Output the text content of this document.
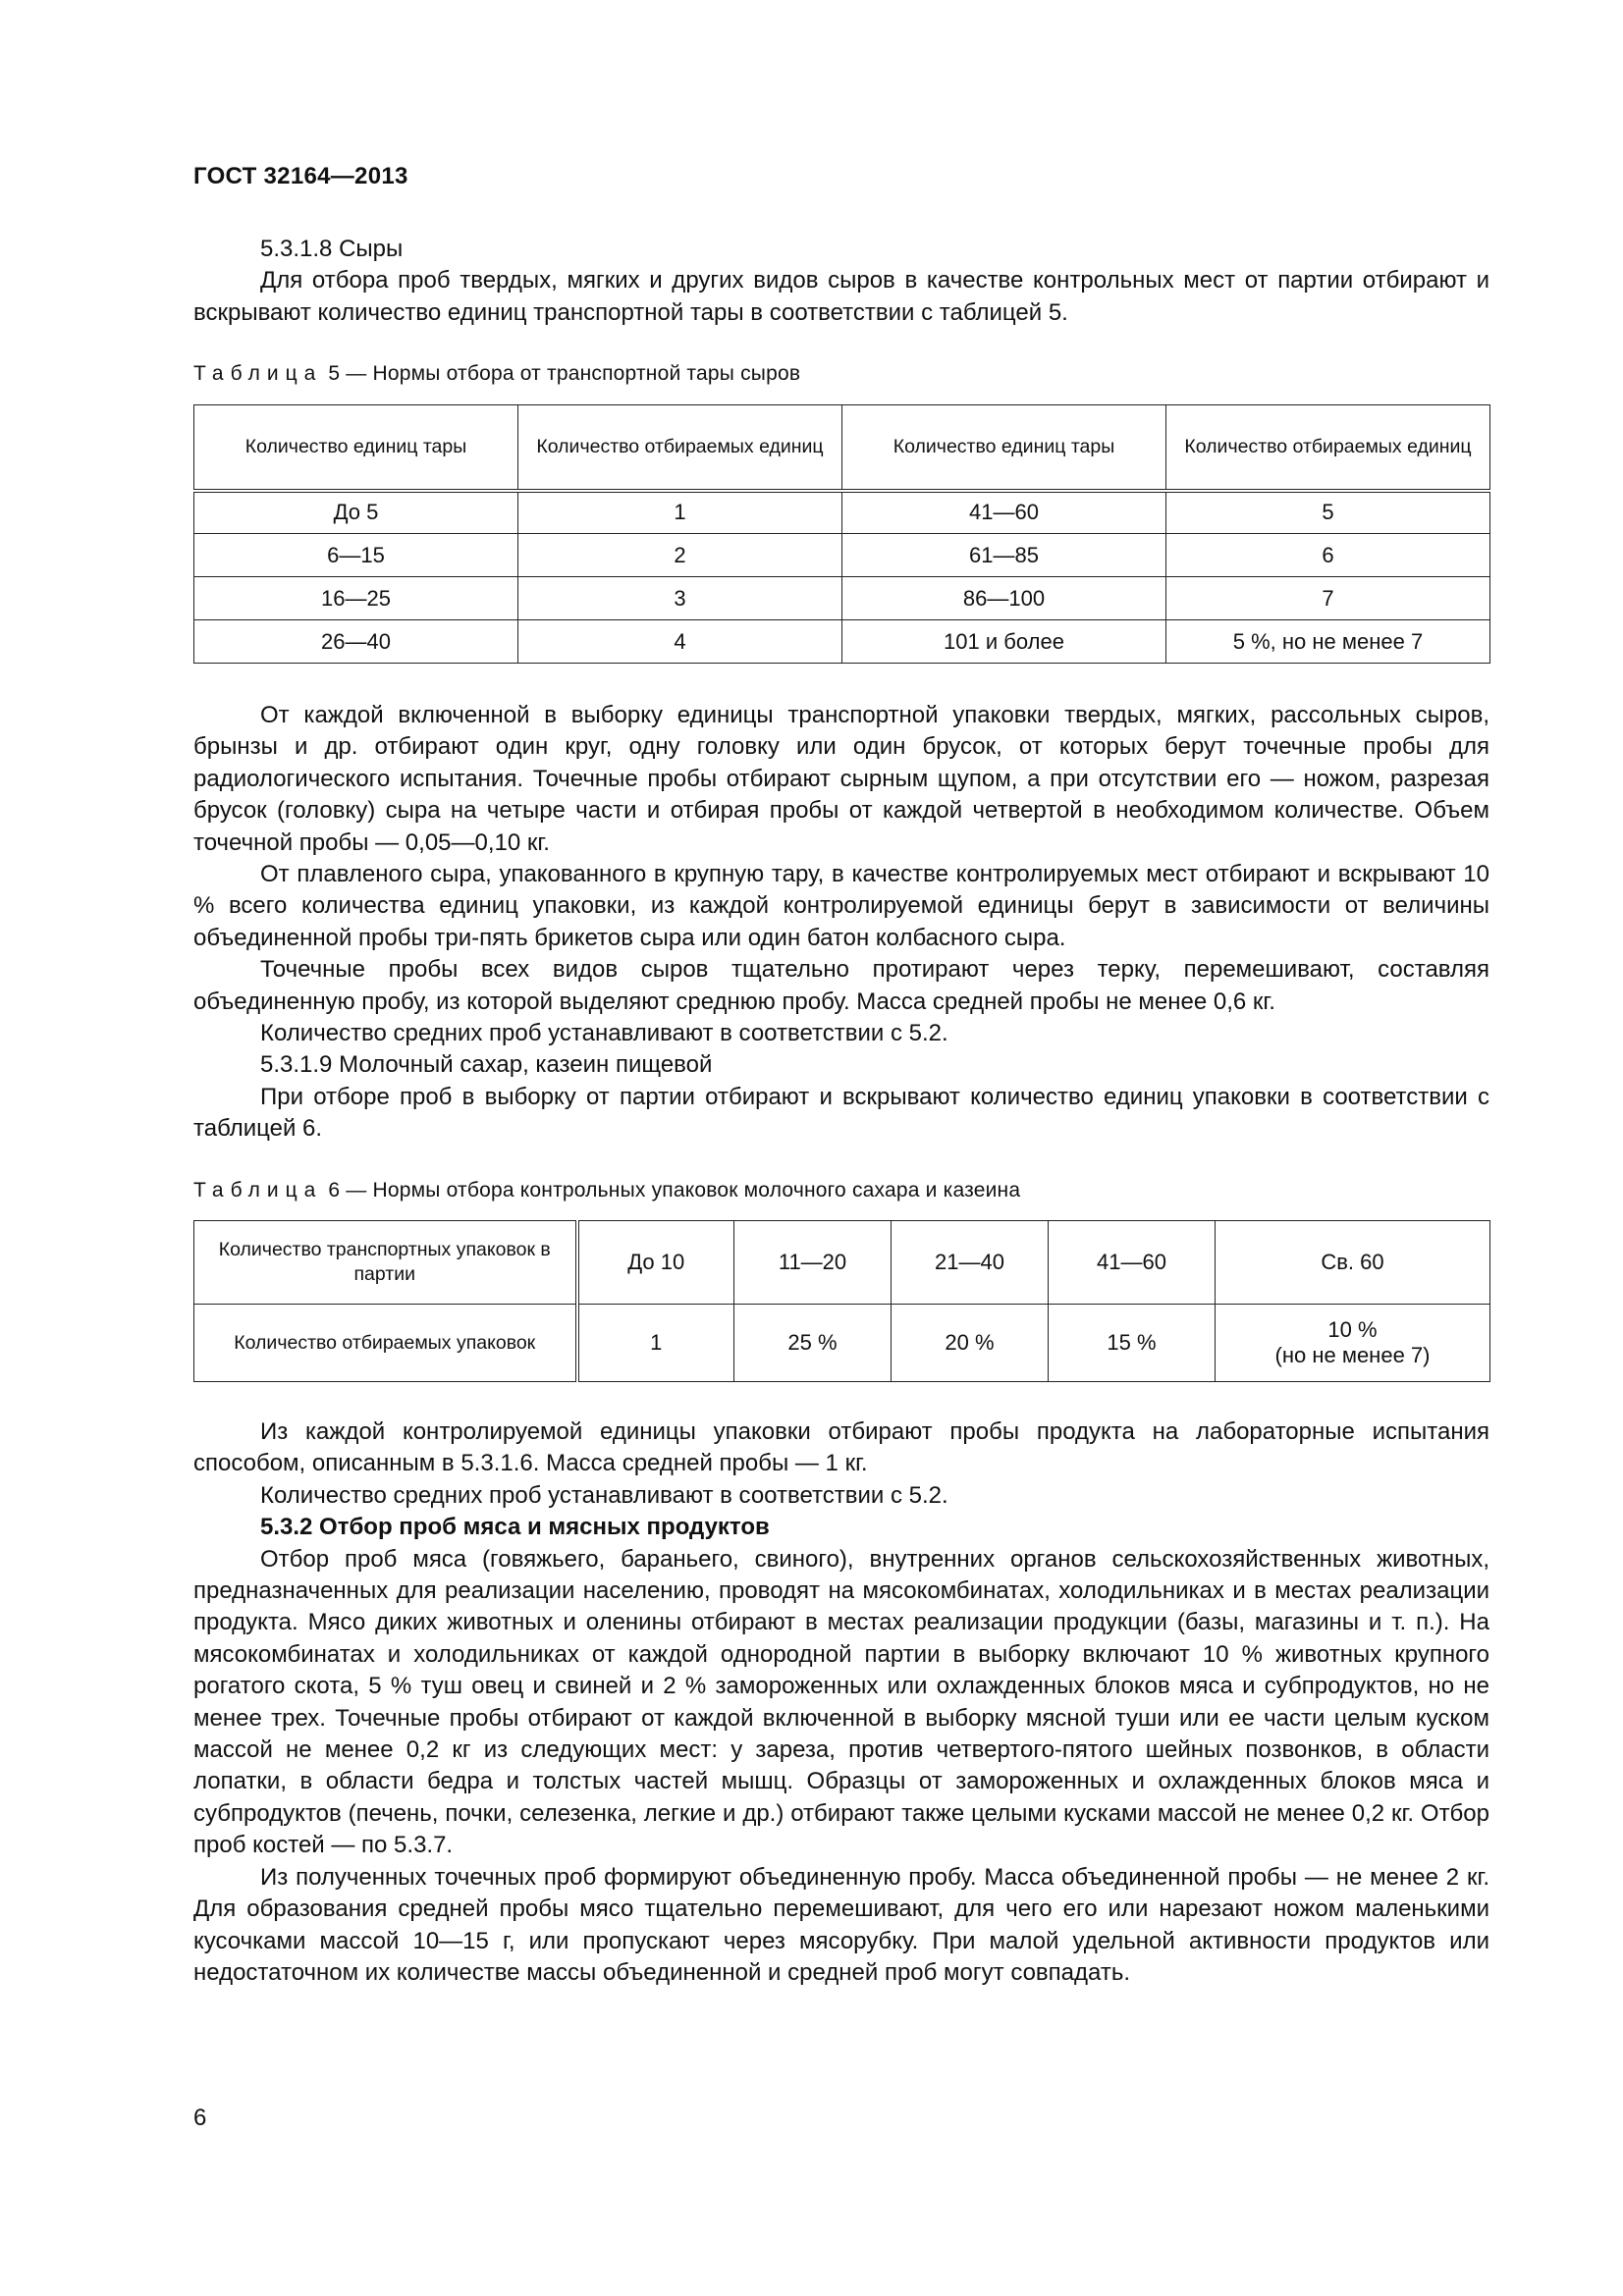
ГОСТ 32164—2013

5.3.1.8 Сыры

Для отбора проб твердых, мягких и других видов сыров в качестве контрольных мест от партии отбирают и вскрывают количество единиц транспортной тары в соответствии с таблицей 5.

Таблица 5 — Нормы отбора от транспортной тары сыров
Количество единиц тары	Количество отбираемых единиц	Количество единиц тары	Количество отбираемых единиц
До 5	1	41—60	5
6—15	2	61—85	6
16—25	3	86—100	7
26—40	4	101 и более	5 %, но не менее 7

От каждой включенной в выборку единицы транспортной упаковки твердых, мягких, рассольных сыров, брынзы и др. отбирают один круг, одну головку или один брусок, от которых берут точечные пробы для радиологического испытания. Точечные пробы отбирают сырным щупом, а при отсутствии его — ножом, разрезая брусок (головку) сыра на четыре части и отбирая пробы от каждой четвертой в необходимом количестве. Объем точечной пробы — 0,05—0,10 кг.

От плавленого сыра, упакованного в крупную тару, в качестве контролируемых мест отбирают и вскрывают 10 % всего количества единиц упаковки, из каждой контролируемой единицы берут в зависимости от величины объединенной пробы три-пять брикетов сыра или один батон колбасного сыра.

Точечные пробы всех видов сыров тщательно протирают через терку, перемешивают, составляя объединенную пробу, из которой выделяют среднюю пробу. Масса средней пробы не менее 0,6 кг.

Количество средних проб устанавливают в соответствии с 5.2.

5.3.1.9 Молочный сахар, казеин пищевой

При отборе проб в выборку от партии отбирают и вскрывают количество единиц упаковки в соответствии с таблицей 6.

Таблица 6 — Нормы отбора контрольных упаковок молочного сахара и казеина
Количество транспортных упаковок в партии	До 10	11—20	21—40	41—60	Св. 60
Количество отбираемых упаковок	1	25 %	20 %	15 %	10 %
(но не менее 7)

Из каждой контролируемой единицы упаковки отбирают пробы продукта на лабораторные испытания способом, описанным в 5.3.1.6. Масса средней пробы — 1 кг.

Количество средних проб устанавливают в соответствии с 5.2.

5.3.2 Отбор проб мяса и мясных продуктов

Отбор проб мяса (говяжьего, бараньего, свиного), внутренних органов сельскохозяйственных животных, предназначенных для реализации населению, проводят на мясокомбинатах, холодильниках и в местах реализации продукта. Мясо диких животных и оленины отбирают в местах реализации продукции (базы, магазины и т. п.). На мясокомбинатах и холодильниках от каждой однородной партии в выборку включают 10 % животных крупного рогатого скота, 5 % туш овец и свиней и 2 % замороженных или охлажденных блоков мяса и субпродуктов, но не менее трех. Точечные пробы отбирают от каждой включенной в выборку мясной туши или ее части целым куском массой не менее 0,2 кг из следующих мест: у зареза, против четвертого-пятого шейных позвонков, в области лопатки, в области бедра и толстых частей мышц. Образцы от замороженных и охлажденных блоков мяса и субпродуктов (печень, почки, селезенка, легкие и др.) отбирают также целыми кусками массой не менее 0,2 кг. Отбор проб костей — по 5.3.7.

Из полученных точечных проб формируют объединенную пробу. Масса объединенной пробы — не менее 2 кг. Для образования средней пробы мясо тщательно перемешивают, для чего его или нарезают ножом маленькими кусочками массой 10—15 г, или пропускают через мясорубку. При малой удельной активности продуктов или недостаточном их количестве массы объединенной и средней проб могут совпадать.

6
